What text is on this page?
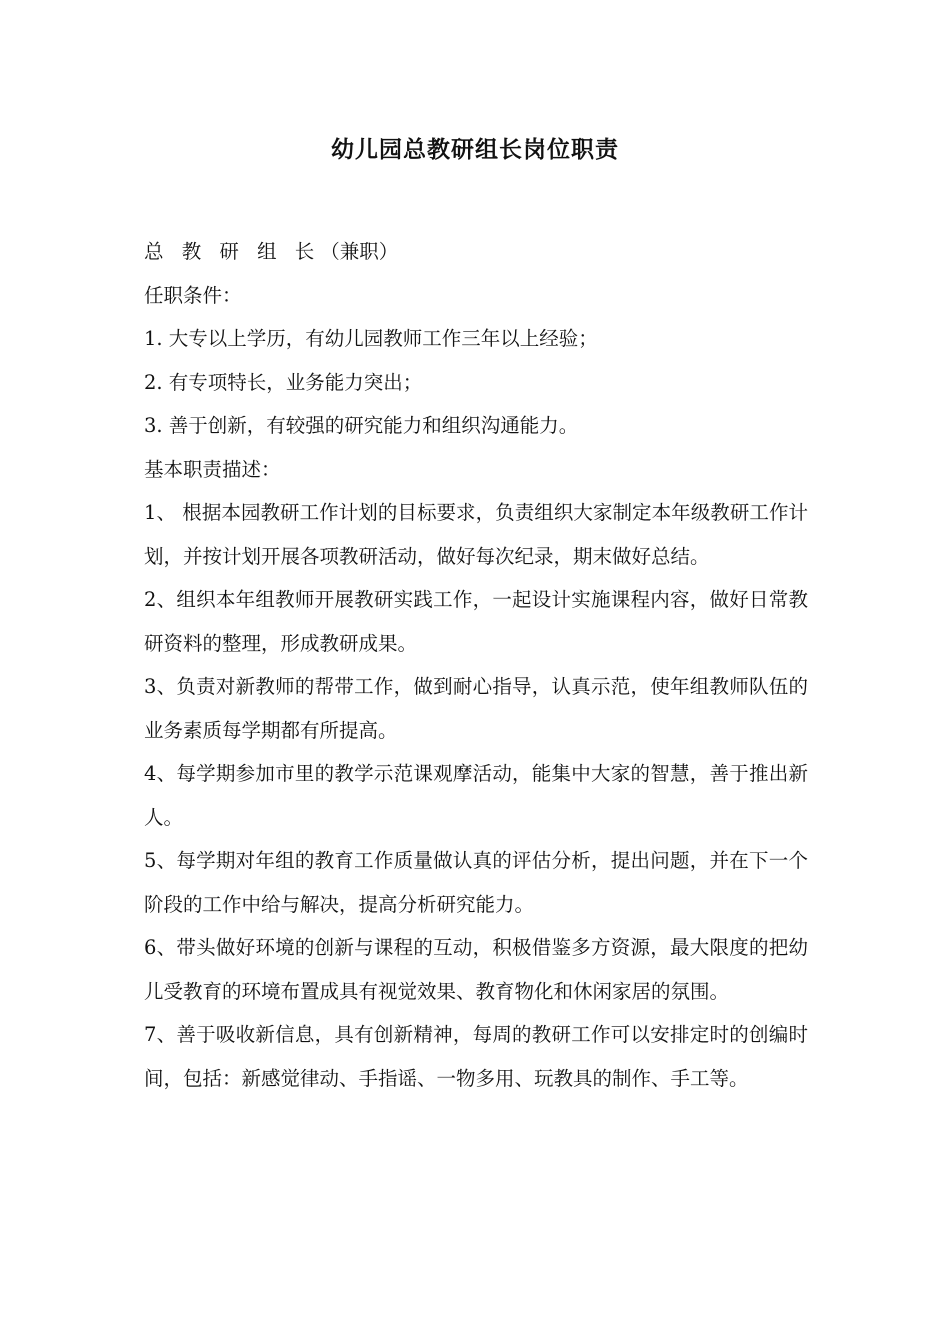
幼儿园总教研组长岗位职责

总 教 研 组 长（兼职）

任职条件：

1. 大专以上学历，有幼儿园教师工作三年以上经验；

2. 有专项特长，业务能力突出；

3. 善于创新，有较强的研究能力和组织沟通能力。

基本职责描述：

1、 根据本园教研工作计划的目标要求，负责组织大家制定本年级教研工作计划，并按计划开展各项教研活动，做好每次纪录，期末做好总结。

2、组织本年组教师开展教研实践工作，一起设计实施课程内容，做好日常教研资料的整理，形成教研成果。

3、负责对新教师的帮带工作，做到耐心指导，认真示范，使年组教师队伍的业务素质每学期都有所提高。

4、每学期参加市里的教学示范课观摩活动，能集中大家的智慧，善于推出新人。

5、每学期对年组的教育工作质量做认真的评估分析，提出问题，并在下一个阶段的工作中给与解决，提高分析研究能力。

6、带头做好环境的创新与课程的互动，积极借鉴多方资源，最大限度的把幼儿受教育的环境布置成具有视觉效果、教育物化和休闲家居的氛围。

7、善于吸收新信息，具有创新精神，每周的教研工作可以安排定时的创编时间，包括：新感觉律动、手指谣、一物多用、玩教具的制作、手工等。
